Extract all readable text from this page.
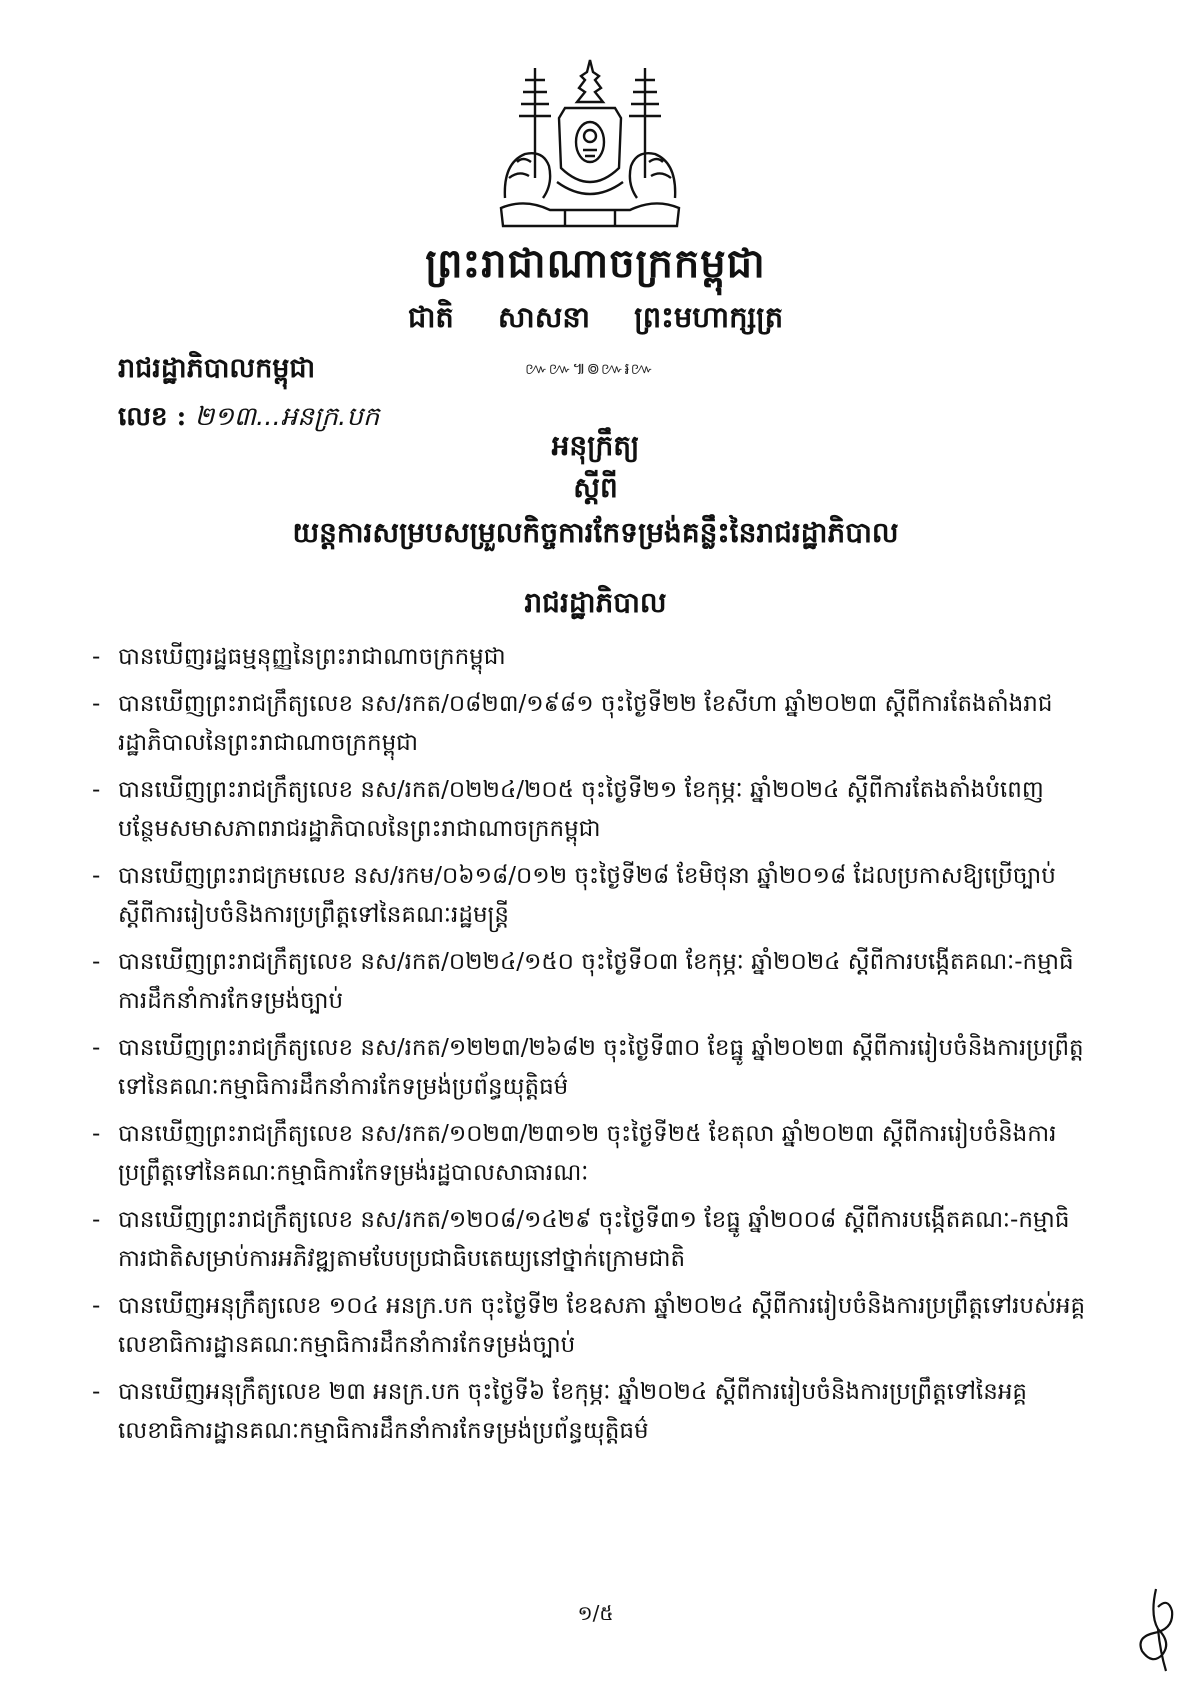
ព្រះរាជាណាចក្រកម្ពុជា
ជាតិ សាសនា ព្រះមហាក្សត្រ
រាជរដ្ឋាភិបាលកម្ពុជា	៚៚៕៙៚៛៚
លេខ : ២១៣...អនក្រ.បក
អនុក្រឹត្យ
ស្តីពី
យន្តការសម្របសម្រួលកិច្ចការកែទម្រង់គន្លឹះនៃរាជរដ្ឋាភិបាល
រាជរដ្ឋាភិបាល
- បានឃើញរដ្ឋធម្មនុញ្ញនៃព្រះរាជាណាចក្រកម្ពុជា
- បានឃើញព្រះរាជក្រឹត្យលេខ នស/រកត/០៨២៣/១៩៨១ ចុះថ្ងៃទី២២ ខែសីហា ឆ្នាំ២០២៣ ស្តីពីការតែងតាំងរាជរដ្ឋាភិបាលនៃព្រះរាជាណាចក្រកម្ពុជា
- បានឃើញព្រះរាជក្រឹត្យលេខ នស/រកត/០២២៤/២០៥ ចុះថ្ងៃទី២១ ខែកុម្ភៈ ឆ្នាំ២០២៤ ស្តីពីការតែងតាំងបំពេញបន្ថែមសមាសភាពរាជរដ្ឋាភិបាលនៃព្រះរាជាណាចក្រកម្ពុជា
- បានឃើញព្រះរាជក្រមលេខ នស/រកម/០៦១៨/០១២ ចុះថ្ងៃទី២៨ ខែមិថុនា ឆ្នាំ២០១៨ ដែលប្រកាសឱ្យប្រើច្បាប់ស្តីពីការរៀបចំនិងការប្រព្រឹត្តទៅនៃគណៈរដ្ឋមន្ត្រី
- បានឃើញព្រះរាជក្រឹត្យលេខ នស/រកត/០២២៤/១៥០ ចុះថ្ងៃទី០៣ ខែកុម្ភៈ ឆ្នាំ២០២៤ ស្តីពីការបង្កើតគណៈ-កម្មាធិការដឹកនាំការកែទម្រង់ច្បាប់
- បានឃើញព្រះរាជក្រឹត្យលេខ នស/រកត/១២២៣/២៦៨២ ចុះថ្ងៃទី៣០ ខែធ្នូ ឆ្នាំ២០២៣ ស្តីពីការរៀបចំនិងការប្រព្រឹត្តទៅនៃគណៈកម្មាធិការដឹកនាំការកែទម្រង់ប្រព័ន្ធយុត្តិធម៌
- បានឃើញព្រះរាជក្រឹត្យលេខ នស/រកត/១០២៣/២៣១២ ចុះថ្ងៃទី២៥ ខែតុលា ឆ្នាំ២០២៣ ស្តីពីការរៀបចំនិងការប្រព្រឹត្តទៅនៃគណៈកម្មាធិការកែទម្រង់រដ្ឋបាលសាធារណៈ
- បានឃើញព្រះរាជក្រឹត្យលេខ នស/រកត/១២០៨/១៤២៩ ចុះថ្ងៃទី៣១ ខែធ្នូ ឆ្នាំ២០០៨ ស្តីពីការបង្កើតគណៈ-កម្មាធិការជាតិសម្រាប់ការអភិវឌ្ឍតាមបែបប្រជាធិបតេយ្យនៅថ្នាក់ក្រោមជាតិ
- បានឃើញអនុក្រឹត្យលេខ ១០៤ អនក្រ.បក ចុះថ្ងៃទី២ ខែឧសភា ឆ្នាំ២០២៤ ស្តីពីការរៀបចំនិងការប្រព្រឹត្តទៅរបស់អគ្គលេខាធិការដ្ឋានគណៈកម្មាធិការដឹកនាំការកែទម្រង់ច្បាប់
- បានឃើញអនុក្រឹត្យលេខ ២៣ អនក្រ.បក ចុះថ្ងៃទី៦ ខែកុម្ភៈ ឆ្នាំ២០២៤ ស្តីពីការរៀបចំនិងការប្រព្រឹត្តទៅនៃអគ្គលេខាធិការដ្ឋានគណៈកម្មាធិការដឹកនាំការកែទម្រង់ប្រព័ន្ធយុត្តិធម៌
១/៥
